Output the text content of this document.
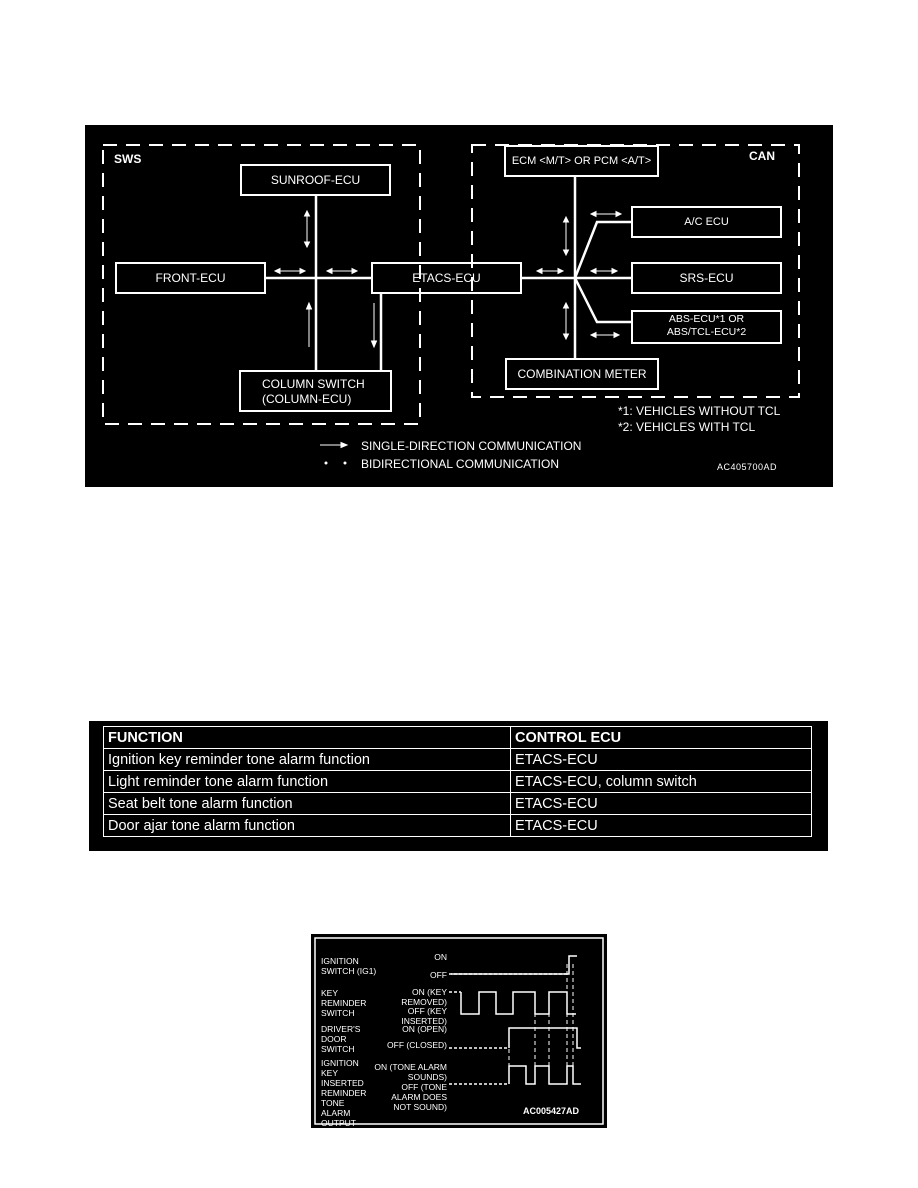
SWS	CAN
SUNROOF-ECU
FRONT-ECU	ETACS-ECU
COLUMN SWITCH
(COLUMN-ECU)
ECM <M/T> OR PCM <A/T>
A/C ECU
SRS-ECU
ABS-ECU*1 OR
ABS/TCL-ECU*2
COMBINATION METER
*1: VEHICLES WITHOUT TCL
*2: VEHICLES WITH TCL
SINGLE-DIRECTION COMMUNICATION
BIDIRECTIONAL COMMUNICATION	AC405700AD
FUNCTION	CONTROL ECU
Ignition key reminder tone alarm function	ETACS-ECU
Light reminder tone alarm function	ETACS-ECU, column switch
Seat belt tone alarm function	ETACS-ECU
Door ajar tone alarm function	ETACS-ECU
IGNITION SWITCH (IG1)
ON
OFF
KEY REMINDER SWITCH
ON (KEY REMOVED)
OFF (KEY INSERTED)
DRIVER'S DOOR SWITCH
ON (OPEN)
OFF (CLOSED)
IGNITION KEY INSERTED REMINDER TONE ALARM OUTPUT
ON (TONE ALARM SOUNDS)
OFF (TONE ALARM DOES NOT SOUND)	AC005427AD
